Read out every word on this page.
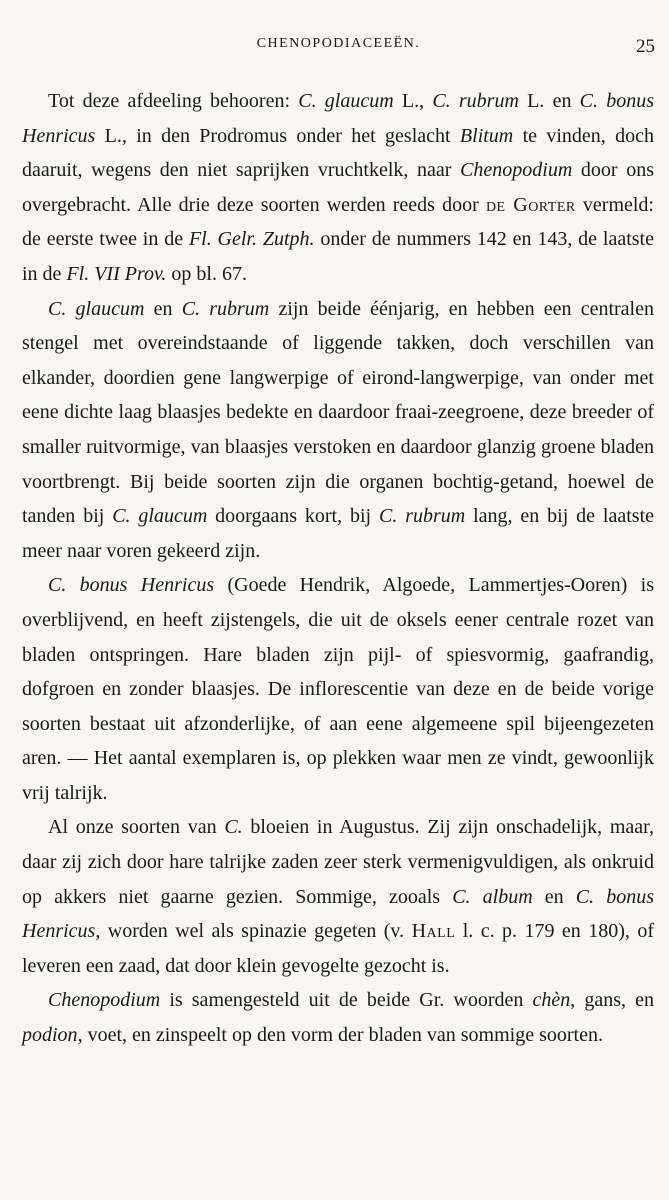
CHENOPODIACEEËN.	25

Tot deze afdeeling behooren: C. glaucum L., C. rubrum L. en C. bonus Henricus L., in den Prodromus onder het geslacht Blitum te vinden, doch daaruit, wegens den niet saprijken vruchtkelk, naar Chenopodium door ons overgebracht. Alle drie deze soorten werden reeds door de Gorter vermeld: de eerste twee in de Fl. Gelr. Zutph. onder de nummers 142 en 143, de laatste in de Fl. VII Prov. op bl. 67.

C. glaucum en C. rubrum zijn beide éénjarig, en hebben een centralen stengel met overeindstaande of liggende takken, doch verschillen van elkander, doordien gene langwerpige of eirond-langwerpige, van onder met eene dichte laag blaasjes bedekte en daardoor fraai-zeegroene, deze breeder of smaller ruitvormige, van blaasjes verstoken en daardoor glanzig groene bladen voortbrengt. Bij beide soorten zijn die organen bochtig-getand, hoewel de tanden bij C. glaucum doorgaans kort, bij C. rubrum lang, en bij de laatste meer naar voren gekeerd zijn.

C. bonus Henricus (Goede Hendrik, Algoede, Lammertjes-Ooren) is overblijvend, en heeft zijstengels, die uit de oksels eener centrale rozet van bladen ontspringen. Hare bladen zijn pijl- of spiesvormig, gaafrandig, dofgroen en zonder blaasjes. De inflorescentie van deze en de beide vorige soorten bestaat uit afzonderlijke, of aan eene algemeene spil bijeengezeten aren. — Het aantal exemplaren is, op plekken waar men ze vindt, gewoonlijk vrij talrijk.

Al onze soorten van C. bloeien in Augustus. Zij zijn onschadelijk, maar, daar zij zich door hare talrijke zaden zeer sterk vermenigvuldigen, als onkruid op akkers niet gaarne gezien. Sommige, zooals C. album en C. bonus Henricus, worden wel als spinazie gegeten (v. Hall l. c. p. 179 en 180), of leveren een zaad, dat door klein gevogelte gezocht is.

Chenopodium is samengesteld uit de beide Gr. woorden chèn, gans, en podion, voet, en zinspeelt op den vorm der bladen van sommige soorten.
